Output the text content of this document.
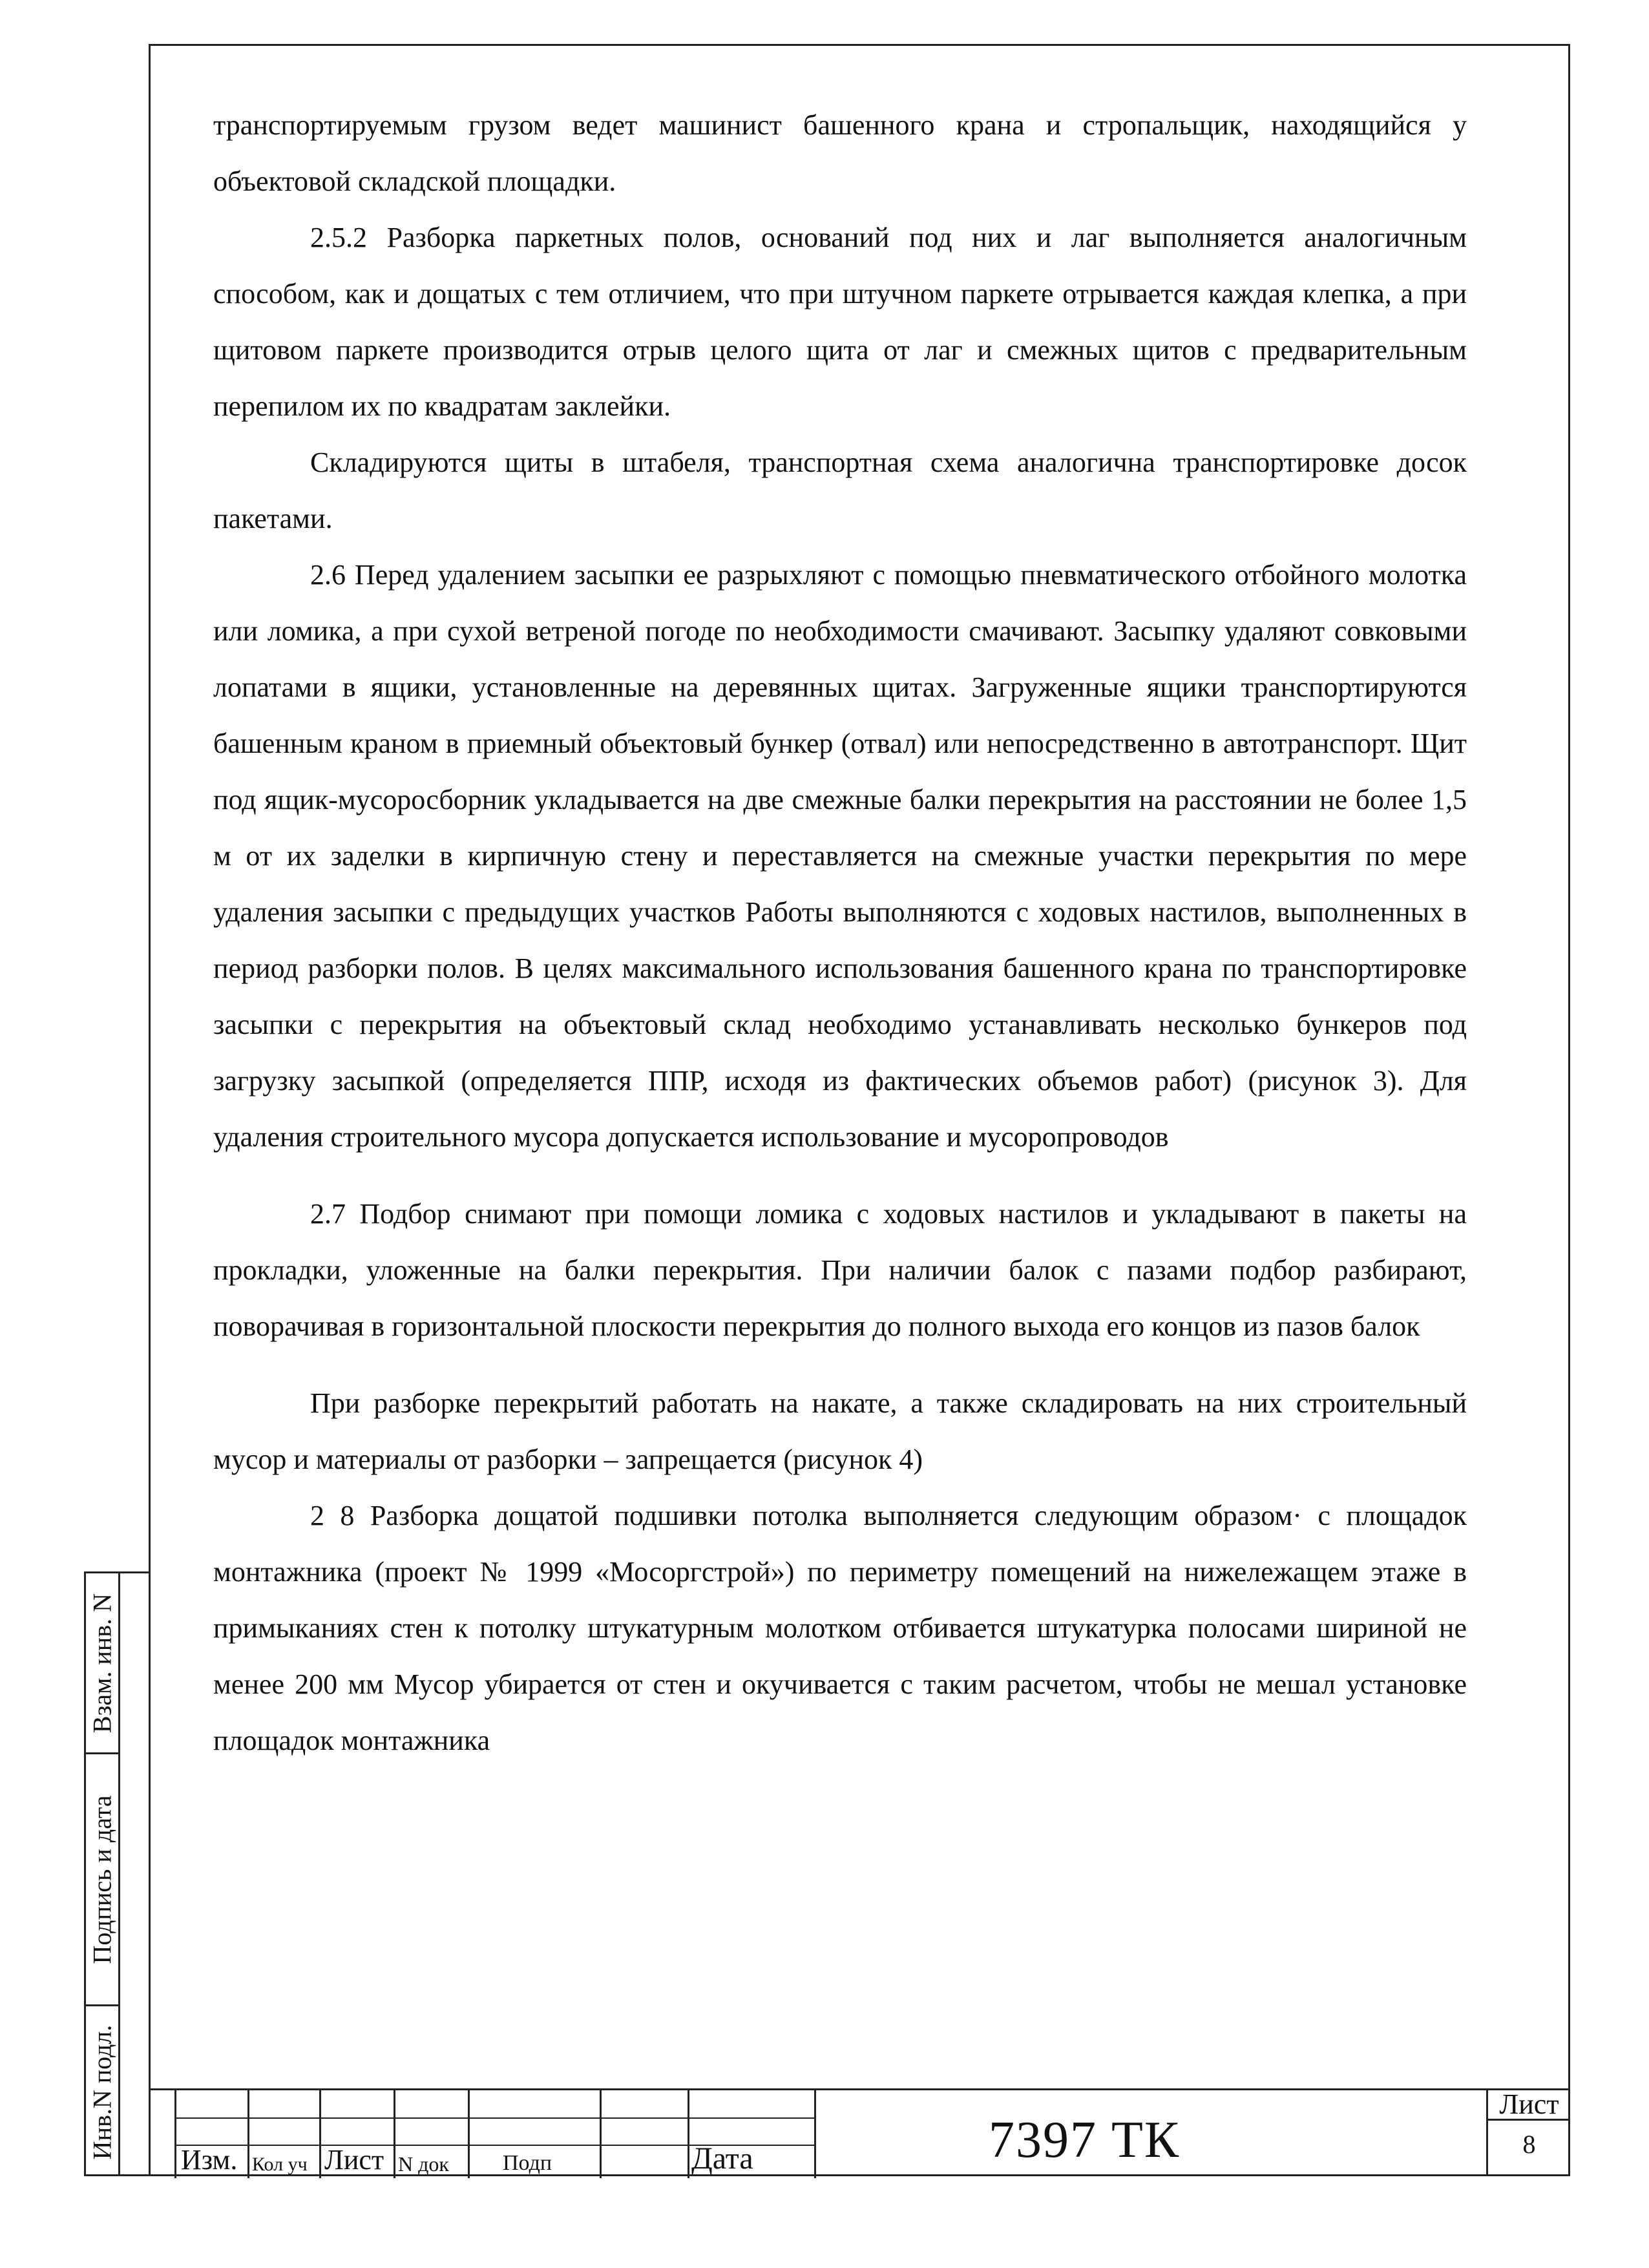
транспортируемым грузом ведет машинист башенного крана и стропальщик, находящийся у объектовой складской площадки.

2.5.2 Разборка паркетных полов, оснований под них и лаг выполняется аналогичным способом, как и дощатых с тем отличием, что при штучном паркете отрывается каждая клепка, а при щитовом паркете производится отрыв целого щита от лаг и смежных щитов с предварительным перепилом их по квадратам заклейки.

Складируются щиты в штабеля, транспортная схема аналогична транспортировке досок пакетами.

2.6 Перед удалением засыпки ее разрыхляют с помощью пневматического отбойного молотка или ломика, а при сухой ветреной погоде по необходимости смачивают. Засыпку удаляют совковыми лопатами в ящики, установленные на деревянных щитах. Загруженные ящики транспортируются башенным краном в приемный объектовый бункер (отвал) или непосредственно в автотранспорт. Щит под ящик-мусоросборник укладывается на две смежные балки перекрытия на расстоянии не более 1,5 м от их заделки в кирпичную стену и переставляется на смежные участки перекрытия по мере удаления засыпки с предыдущих участков Работы выполняются с ходовых настилов, выполненных в период разборки полов. В целях максимального использования башенного крана по транспортировке засыпки с перекрытия на объектовый склад необходимо устанавливать несколько бункеров под загрузку засыпкой (определяется ППР, исходя из фактических объемов работ) (рисунок 3). Для удаления строительного мусора допускается использование и мусоропроводов

2.7 Подбор снимают при помощи ломика с ходовых настилов и укладывают в пакеты на прокладки, уложенные на балки перекрытия. При наличии балок с пазами подбор разбирают, поворачивая в горизонтальной плоскости перекрытия до полного выхода его концов из пазов балок

При разборке перекрытий работать на накате, а также складировать на них строительный мусор и материалы от разборки – запрещается (рисунок 4)

2 8 Разборка дощатой подшивки потолка выполняется следующим образом· с площадок монтажника (проект № 1999 «Мосоргстрой») по периметру помещений на нижележащем этаже в примыканиях стен к потолку штукатурным молотком отбивается штукатурка полосами шириной не менее 200 мм Мусор убирается от стен и окучивается с таким расчетом, чтобы не мешал установке площадок монтажника

Взам. инв. N
Подпись и дата
Инв.N подл.
Изм. Кол уч Лист N док Подп	Дата	7397 ТК
Лист
8
